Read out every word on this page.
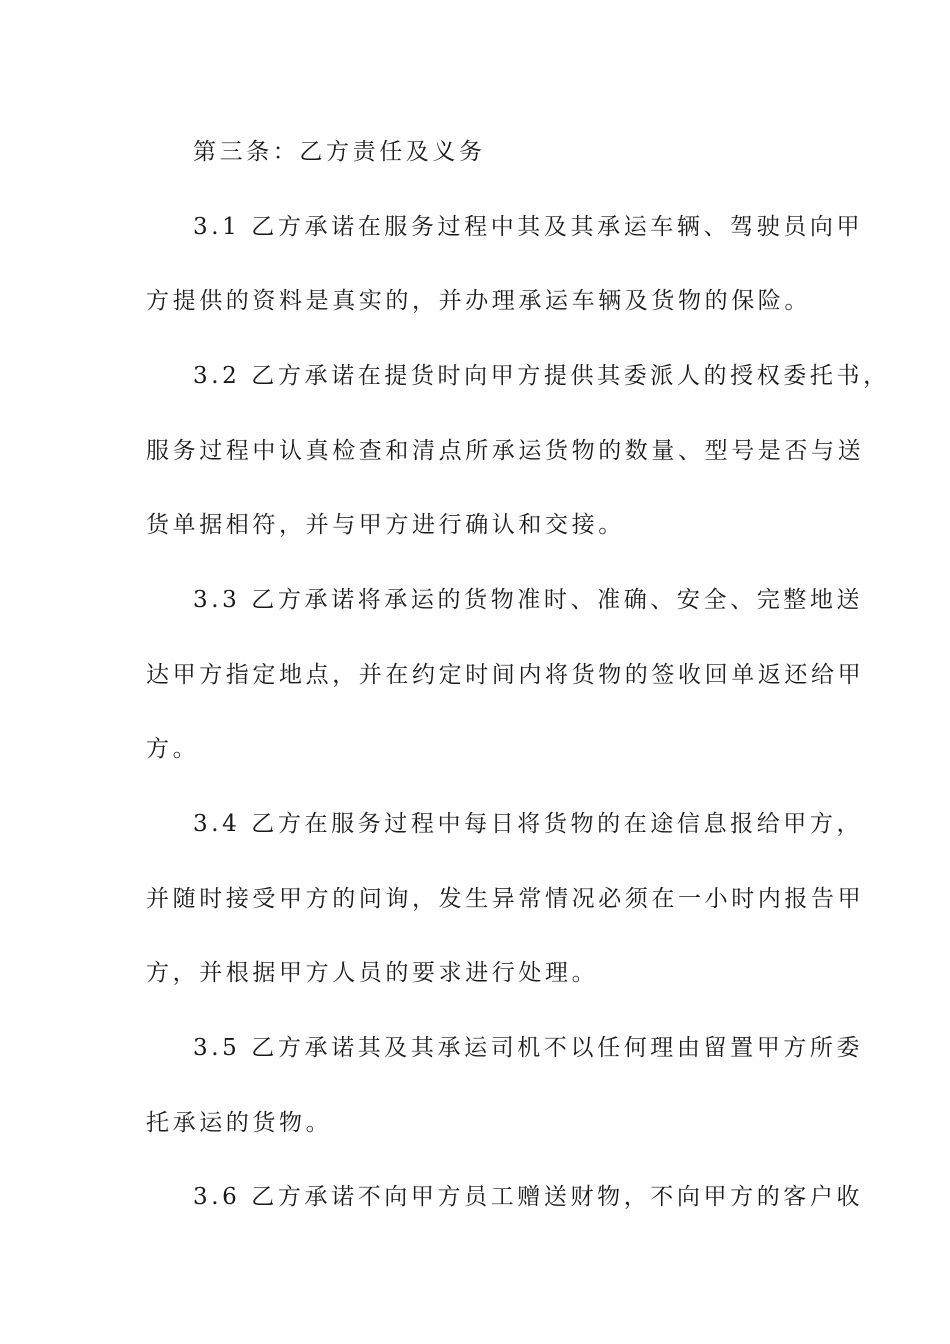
第三条：乙方责任及义务
3.1 乙方承诺在服务过程中其及其承运车辆、驾驶员向甲
方提供的资料是真实的，并办理承运车辆及货物的保险。
3.2 乙方承诺在提货时向甲方提供其委派人的授权委托书，
服务过程中认真检查和清点所承运货物的数量、型号是否与送
货单据相符，并与甲方进行确认和交接。
3.3 乙方承诺将承运的货物准时、准确、安全、完整地送
达甲方指定地点，并在约定时间内将货物的签收回单返还给甲
方。
3.4 乙方在服务过程中每日将货物的在途信息报给甲方，
并随时接受甲方的问询，发生异常情况必须在一小时内报告甲
方，并根据甲方人员的要求进行处理。
3.5 乙方承诺其及其承运司机不以任何理由留置甲方所委
托承运的货物。
3.6 乙方承诺不向甲方员工赠送财物，不向甲方的客户收
